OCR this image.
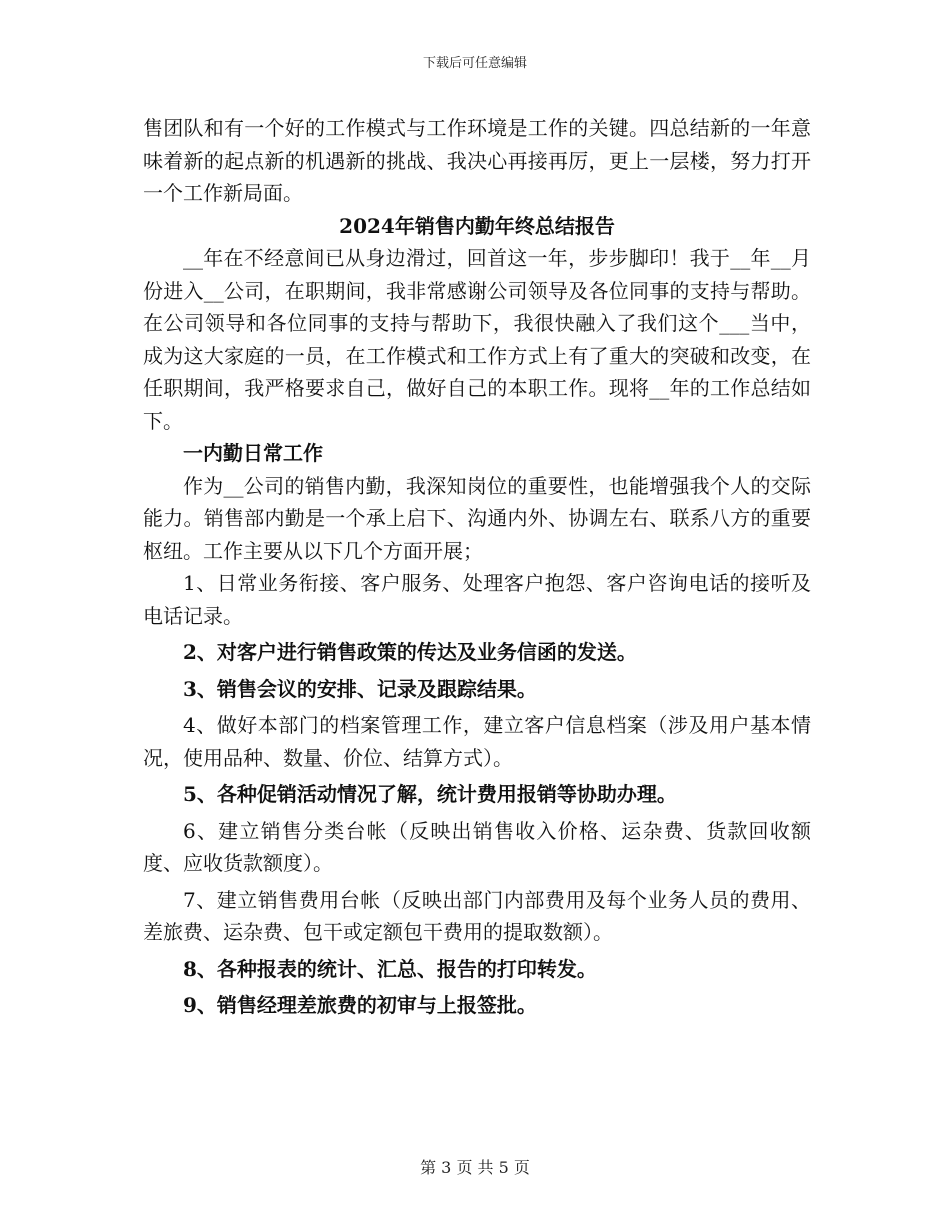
下载后可任意编辑

售团队和有一个好的工作模式与工作环境是工作的关键。四总结新的一年意味着新的起点新的机遇新的挑战、我决心再接再厉，更上一层楼，努力打开一个工作新局面。

2024年销售内勤年终总结报告

__年在不经意间已从身边滑过，回首这一年，步步脚印！我于__年__月份进入__公司，在职期间，我非常感谢公司领导及各位同事的支持与帮助。在公司领导和各位同事的支持与帮助下，我很快融入了我们这个___当中，成为这大家庭的一员，在工作模式和工作方式上有了重大的突破和改变，在任职期间，我严格要求自己，做好自己的本职工作。现将__年的工作总结如下。

一内勤日常工作

作为__公司的销售内勤，我深知岗位的重要性，也能增强我个人的交际能力。销售部内勤是一个承上启下、沟通内外、协调左右、联系八方的重要枢纽。工作主要从以下几个方面开展；

1、日常业务衔接、客户服务、处理客户抱怨、客户咨询电话的接听及电话记录。

2、对客户进行销售政策的传达及业务信函的发送。

3、销售会议的安排、记录及跟踪结果。

4、做好本部门的档案管理工作，建立客户信息档案（涉及用户基本情况，使用品种、数量、价位、结算方式）。

5、各种促销活动情况了解，统计费用报销等协助办理。

6、建立销售分类台帐（反映出销售收入价格、运杂费、货款回收额度、应收货款额度）。

7、建立销售费用台帐（反映出部门内部费用及每个业务人员的费用、差旅费、运杂费、包干或定额包干费用的提取数额）。

8、各种报表的统计、汇总、报告的打印转发。

9、销售经理差旅费的初审与上报签批。

第 3 页 共 5 页
